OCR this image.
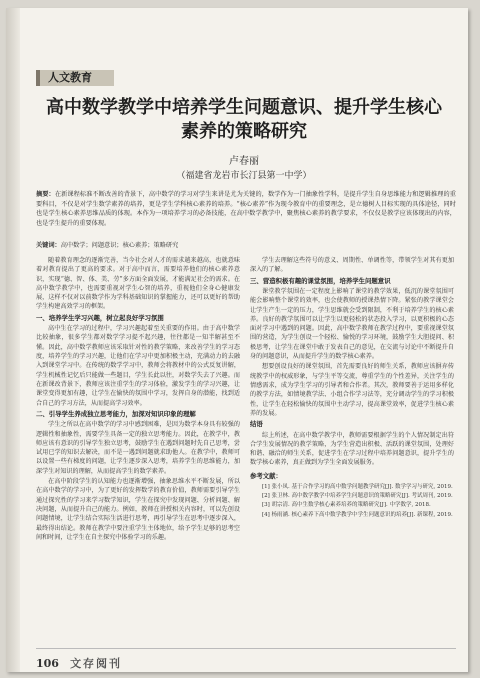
人文教育
高中数学教学中培养学生问题意识、提升学生核心
素养的策略研究
卢春丽
（福建省龙岩市长汀县第一中学）
摘要：在新课程标准不断改善的背景下，高中数学的学习对学生来讲是尤为关键的，数学作为一门抽象性学科，是提升学生自身思维能力和逻辑推理的重要科目，不仅是对学生数学素养的培养，更是学生学科核心素养的培养。“核心素养”作为现今教育中的重要理念，是立德树人目标实现的具体途径，同时也是学生核心素养思维品质的体现。本作为一项培养学习的必备技能，在高中数学教学中，聚焦核心素养的教学要求，不仅仅是教学应该体现出的内容，也是学生提升的重要体现。
关键词：高中数学；问题意识；核心素养；策略研究

随着教育理念的逐渐完善，当今社会对人才的需求越来越高，也就意味着对教育提出了更高的要求。对于高中而言，需要培养他们的核心素养意识，实现“德、智、体、美、劳”多方面全面发展，才能满足社会的需求。在高中数学教学中，也需要重视对学生心智的培养，重视他们全身心健康发展，这样不仅对以前数学作为学科基础知识的掌握能力，还可以更好的帮助学生构建高效学习的框架。

一、培养学生学习兴趣，树立起良好学习氛围

高中生在学习的过程中，学习兴趣起着至关重要的作用。由于高中数学比较抽象，很多学生都对数学学习提不起兴趣，往往都是一知半解甚至不懂。因此，高中数学教师应该采取针对性的教学策略，来改善学生的学习态度，培养学生的学习兴趣，让他们在学习中更加积极主动，充满动力的去融入到课堂学习中。在传统的数学学习中，教师会将教材中的公式反复讲解，学生机械性记忆后只能做一些题目，学生长此以往，对数学失去了兴趣。而在新课改背景下，教师应该注重学生的学习体验，激发学生的学习兴趣，让课堂变得更加有趣，让学生在愉快的氛围中学习，发挥自身的潜能，找到适合自己的学习方法，从而提高学习效率。

二、引导学生养成独立思考能力，加深对知识印象的理解

学生之所以在高中数学的学习中感到困难，是因为数学本身具有较强的逻辑性和抽象性，需要学生具备一定的独立思考能力。因此，在教学中，教师应该有意识的引导学生独立思考，鼓励学生在遇到问题时先自己思考，尝试用已学的知识去解决，而不是一遇到问题就求助他人。在教学中，教师可以设置一些有梯度的问题，让学生逐步深入思考，培养学生的思维能力，加深学生对知识的理解，从而提高学生的数学素养。

在高中阶段学生的认知能力也逐渐增强，抽象思维水平不断发展，所以在高中数学的学习中，为了更好的发挥数学的教育价值，教师需要引导学生通过探究性的学习来学习数学知识，学生在探究中发现问题、分析问题、解决问题，从而提升自己的能力。例如，教师在讲授相关内容时，可以先创设问题情境，让学生结合实际生活进行思考，再引导学生在思考中逐步深入，最终得出结论。教师在教学中要注重学生主体地位，给予学生足够的思考空间和时间，让学生在自主探究中体验学习的乐趣。

学生去理解这些符号的意义、周期性、单调性等，带领学生对其有更加深入的了解。

三、营造积极有趣的课堂氛围，培养学生问题意识

课堂教学氛围在一定程度上影响了课堂的教学效果，低沉的课堂氛围可能会影响整个课堂的效率，也会使教师的授课热情下降。紧张的教学课堂会让学生产生一定的压力，学生思维就会受到限制，不利于培养学生的核心素养。良好的教学氛围可以让学生以更轻松的状态投入学习，以更积极的心态面对学习中遇到的问题。因此，高中数学教师在教学过程中，要重视课堂氛围的营造，为学生创设一个轻松、愉悦的学习环境，鼓励学生大胆提问、积极思考，让学生在课堂中敢于发表自己的意见，在交流与讨论中不断提升自身的问题意识，从而提升学生的数学核心素养。

想要创设良好的课堂氛围，首先需要良好的师生关系，教师应该摒弃传统教学中的权威形象，与学生平等交流，尊重学生的个性差异，关注学生的情感需求，成为学生学习的引导者和合作者。其次，教师要善于运用多样化的教学方法，如情境教学法、小组合作学习法等，充分调动学生的学习积极性，让学生在轻松愉快的氛围中主动学习，提高课堂效率，促进学生核心素养的发展。

结语

综上所述，在高中数学教学中，教师需要根据学生的个人情况制定出符合学生发展情况的教学策略，为学生营造出积极、活跃的课堂氛围，处理好和谐、融洽的师生关系，促进学生在学习过程中培养问题意识，提升学生的数学核心素养，真正做到为学生全面发展服务。

参考文献：

[1] 张小凤. 基于合作学习的高中数学问题教学研究[J]. 数学学习与研究, 2019.

[2] 张卫林. 高中数学教学中培养学生问题意识的策略研究[J]. 考试周刊, 2019.

[3] 胡宗清. 高中生数学核心素养培养的策略研究[J]. 中学数学, 2018.

[4] 杨雨涵. 核心素养下高中数学教学中学生问题意识的培养[J]. 新课程, 2019.

106 文存阅刊
